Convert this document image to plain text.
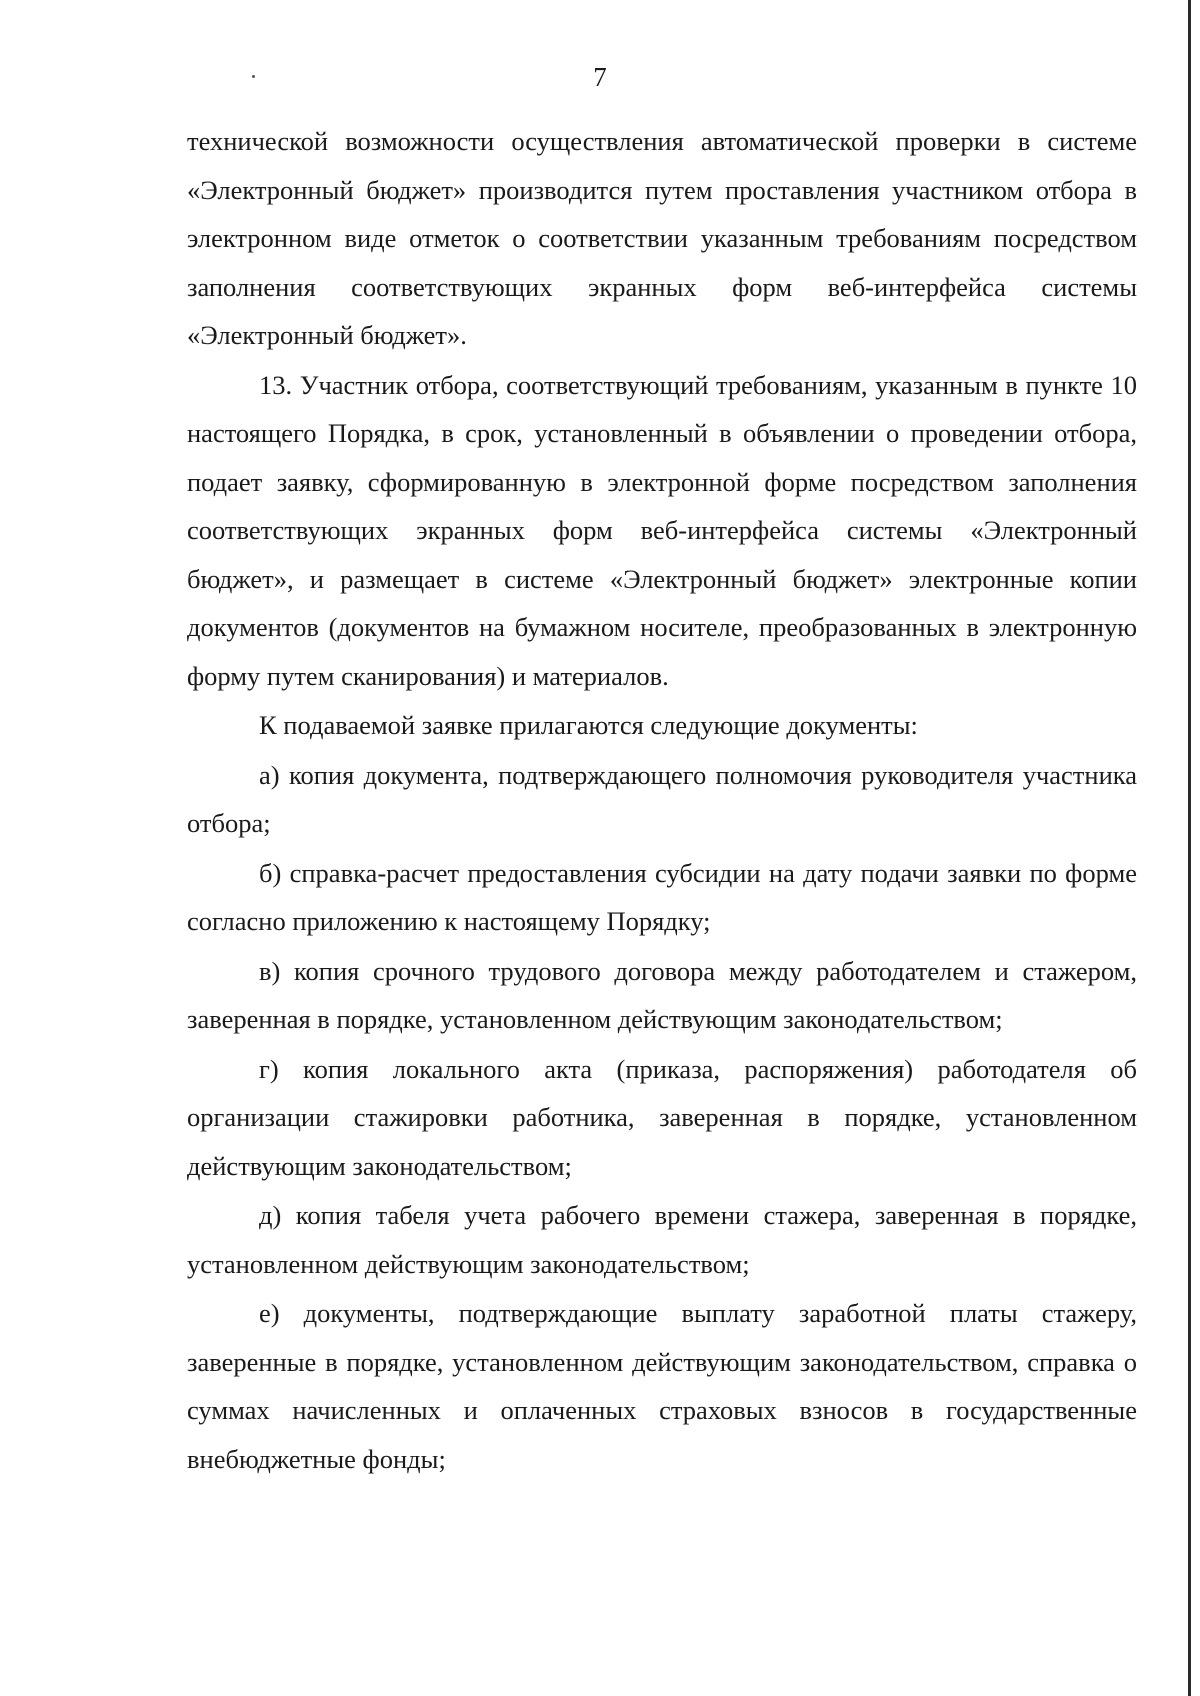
7

технической возможности осуществления автоматической проверки в системе «Электронный бюджет» производится путем проставления участником отбора в электронном виде отметок о соответствии указанным требованиям посредством заполнения соответствующих экранных форм веб-интерфейса системы «Электронный бюджет».

13. Участник отбора, соответствующий требованиям, указанным в пункте 10 настоящего Порядка, в срок, установленный в объявлении о проведении отбора, подает заявку, сформированную в электронной форме посредством заполнения соответствующих экранных форм веб-интерфейса системы «Электронный бюджет», и размещает в системе «Электронный бюджет» электронные копии документов (документов на бумажном носителе, преобразованных в электронную форму путем сканирования) и материалов.

К подаваемой заявке прилагаются следующие документы:

а) копия документа, подтверждающего полномочия руководителя участника отбора;

б) справка-расчет предоставления субсидии на дату подачи заявки по форме согласно приложению к настоящему Порядку;

в) копия срочного трудового договора между работодателем и стажером, заверенная в порядке, установленном действующим законодательством;

г) копия локального акта (приказа, распоряжения) работодателя об организации стажировки работника, заверенная в порядке, установленном действующим законодательством;

д) копия табеля учета рабочего времени стажера, заверенная в порядке, установленном действующим законодательством;

е) документы, подтверждающие выплату заработной платы стажеру, заверенные в порядке, установленном действующим законодательством, справка о суммах начисленных и оплаченных страховых взносов в государственные внебюджетные фонды;
